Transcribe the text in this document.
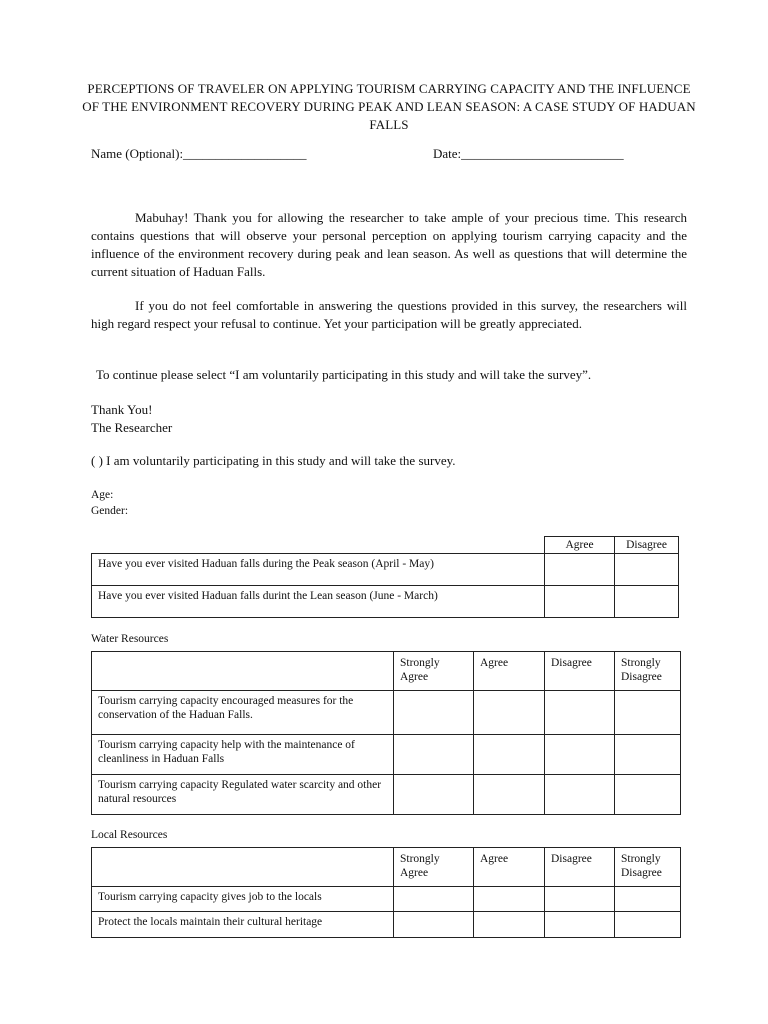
PERCEPTIONS OF TRAVELER ON APPLYING TOURISM CARRYING CAPACITY AND THE INFLUENCE OF THE ENVIRONMENT RECOVERY DURING PEAK AND LEAN SEASON: A CASE STUDY OF HADUAN FALLS
Name (Optional):___________________	Date:_________________________
Mabuhay! Thank you for allowing the researcher to take ample of your precious time. This research contains questions that will observe your personal perception on applying tourism carrying capacity and the influence of the environment recovery during peak and lean season. As well as questions that will determine the current situation of Haduan Falls.
If you do not feel comfortable in answering the questions provided in this survey, the researchers will high regard respect your refusal to continue. Yet your participation will be greatly appreciated.
To continue please select “I am voluntarily participating in this study and will take the survey”.
Thank You!
The Researcher
( ) I am voluntarily participating in this study and will take the survey.
Age:
Gender:
	Agree	Disagree
Have you ever visited Haduan falls during the Peak season (April - May)		
Have you ever visited Haduan falls durint the Lean season (June - March)		
Water Resources
	Strongly Agree	Agree	Disagree	Strongly Disagree
Tourism carrying capacity encouraged measures for the conservation of the Haduan Falls.				
Tourism carrying capacity help with the maintenance of cleanliness in Haduan Falls				
Tourism carrying capacity Regulated water scarcity and other natural resources				
Local Resources
	Strongly Agree	Agree	Disagree	Strongly Disagree
Tourism carrying capacity gives job to the locals				
Protect the locals maintain their cultural heritage				
